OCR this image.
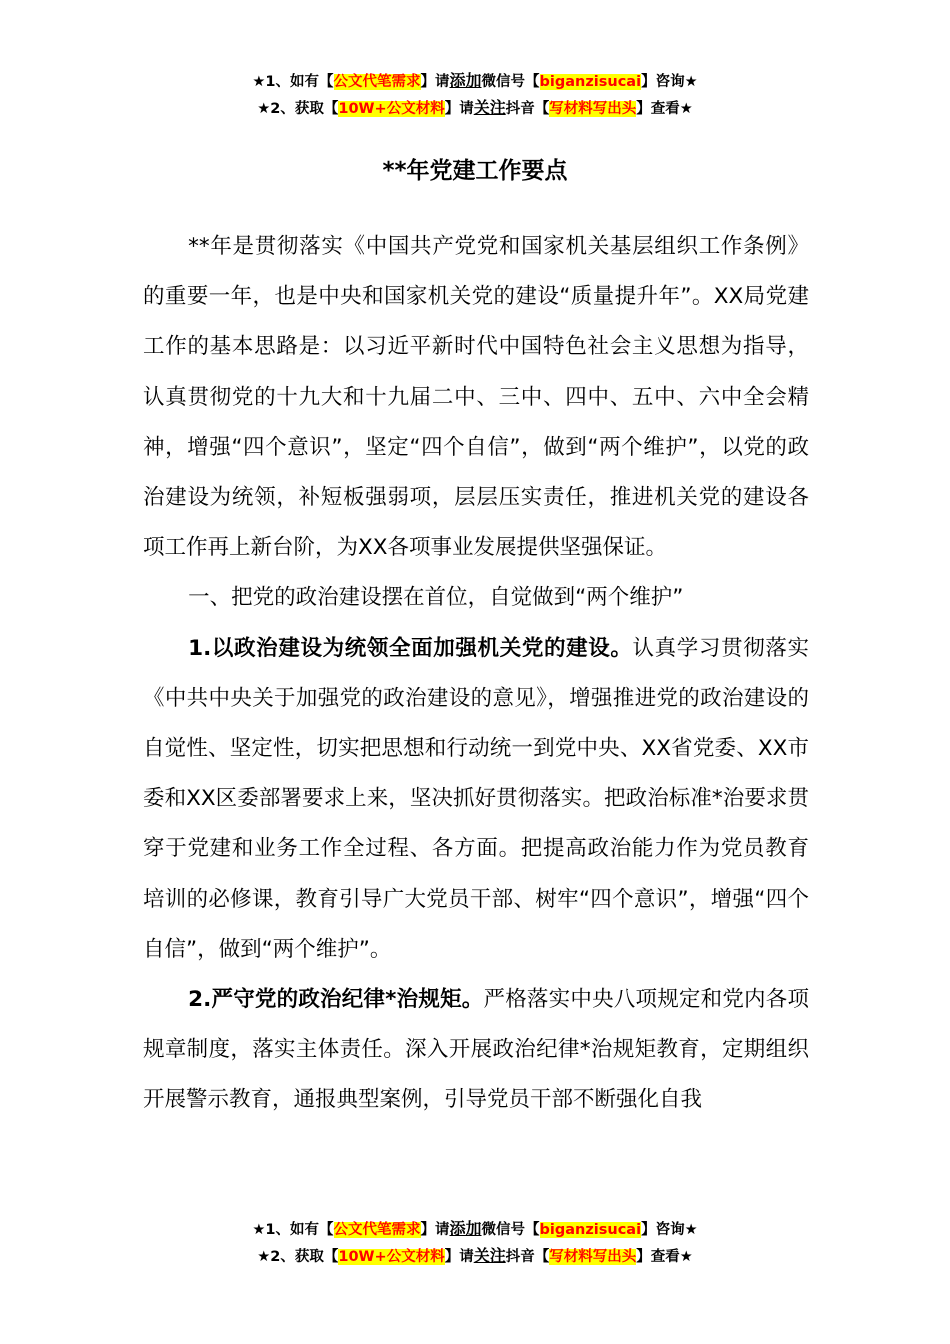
★1、如有【公文代笔需求】请添加微信号【biganzisucai】咨询★
★2、获取【10W+公文材料】请关注抖音【写材料写出头】查看★
**年党建工作要点

**年是贯彻落实《中国共产党党和国家机关基层组织工作条例》的重要一年，也是中央和国家机关党的建设“质量提升年”。XX局党建工作的基本思路是：以习近平新时代中国特色社会主义思想为指导，认真贯彻党的十九大和十九届二中、三中、四中、五中、六中全会精神，增强“四个意识”，坚定“四个自信”，做到“两个维护”，以党的政治建设为统领，补短板强弱项，层层压实责任，推进机关党的建设各项工作再上新台阶，为XX各项事业发展提供坚强保证。

一、把党的政治建设摆在首位，自觉做到“两个维护”

1.以政治建设为统领全面加强机关党的建设。认真学习贯彻落实《中共中央关于加强党的政治建设的意见》，增强推进党的政治建设的自觉性、坚定性，切实把思想和行动统一到党中央、XX省党委、XX市委和XX区委部署要求上来，坚决抓好贯彻落实。把政治标准*治要求贯穿于党建和业务工作全过程、各方面。把提高政治能力作为党员教育培训的必修课，教育引导广大党员干部、树牢“四个意识”，增强“四个自信”，做到“两个维护”。

2.严守党的政治纪律*治规矩。严格落实中央八项规定和党内各项规章制度，落实主体责任。深入开展政治纪律*治规矩教育，定期组织开展警示教育，通报典型案例，引导党员干部不断强化自我

★1、如有【公文代笔需求】请添加微信号【biganzisucai】咨询★
★2、获取【10W+公文材料】请关注抖音【写材料写出头】查看★
